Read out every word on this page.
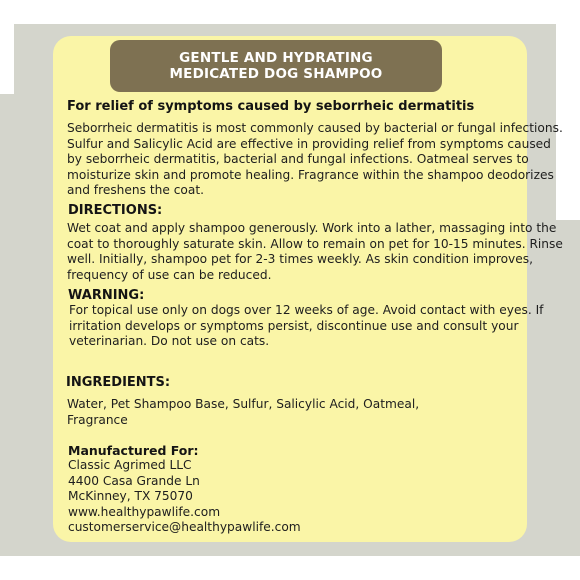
GENTLE AND HYDRATING
MEDICATED DOG SHAMPOO
For relief of symptoms caused by seborrheic dermatitis
Seborrheic dermatitis is most commonly caused by bacterial or fungal infections.
Sulfur and Salicylic Acid are effective in providing relief from symptoms caused
by seborrheic dermatitis, bacterial and fungal infections. Oatmeal serves to
moisturize skin and promote healing. Fragrance within the shampoo deodorizes
and freshens the coat.
DIRECTIONS:
Wet coat and apply shampoo generously. Work into a lather, massaging into the
coat to thoroughly saturate skin. Allow to remain on pet for 10-15 minutes. Rinse
well. Initially, shampoo pet for 2-3 times weekly. As skin condition improves,
frequency of use can be reduced.
WARNING:
For topical use only on dogs over 12 weeks of age. Avoid contact with eyes. If
irritation develops or symptoms persist, discontinue use and consult your
veterinarian. Do not use on cats.
INGREDIENTS:
Water, Pet Shampoo Base, Sulfur, Salicylic Acid, Oatmeal,
Fragrance
Manufactured For:
Classic Agrimed LLC
4400 Casa Grande Ln
McKinney, TX 75070
www.healthypawlife.com
customerservice@healthypawlife.com
